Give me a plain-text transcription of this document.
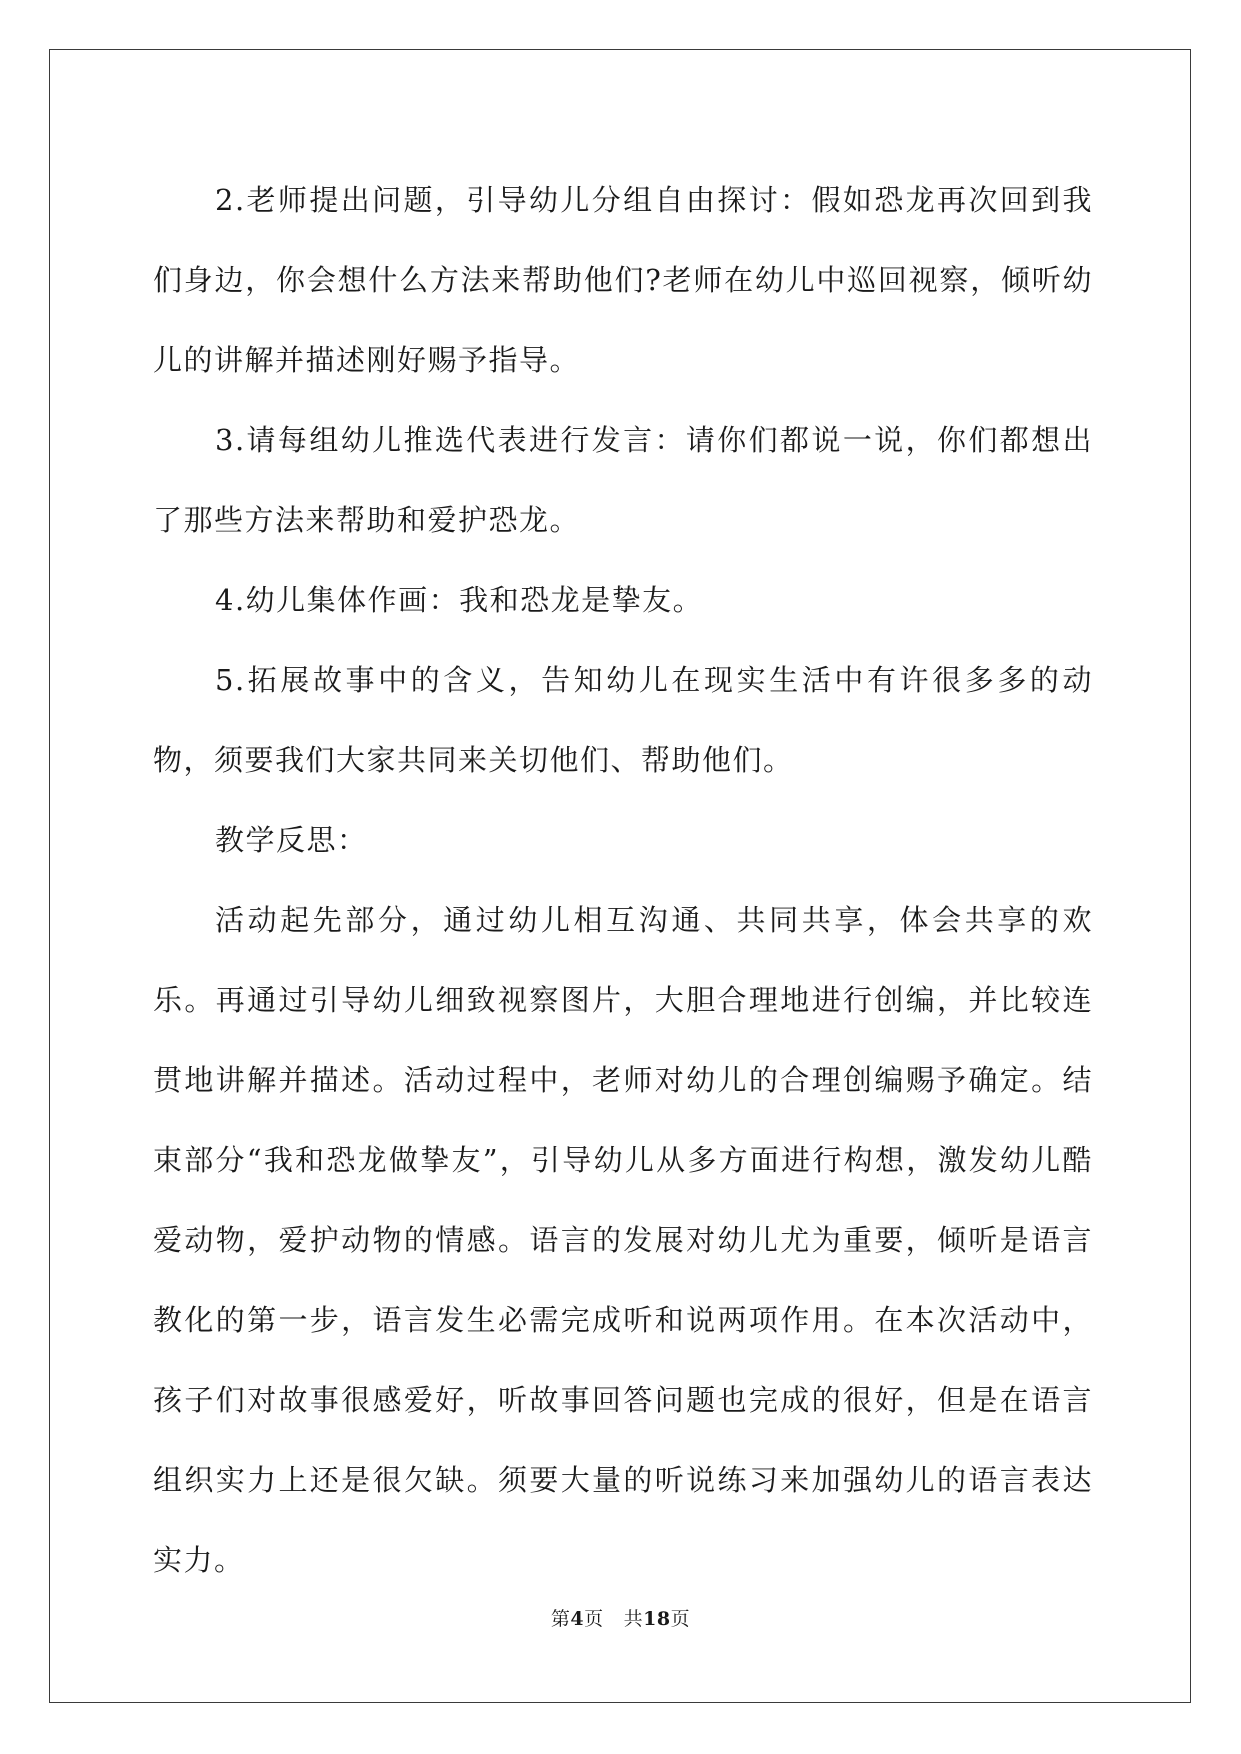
2.老师提出问题，引导幼儿分组自由探讨：假如恐龙再次回到我们身边，你会想什么方法来帮助他们?老师在幼儿中巡回视察，倾听幼儿的讲解并描述刚好赐予指导。

3.请每组幼儿推选代表进行发言：请你们都说一说，你们都想出了那些方法来帮助和爱护恐龙。

4.幼儿集体作画：我和恐龙是挚友。

5.拓展故事中的含义，告知幼儿在现实生活中有许很多多的动物，须要我们大家共同来关切他们、帮助他们。

教学反思：

活动起先部分，通过幼儿相互沟通、共同共享，体会共享的欢乐。再通过引导幼儿细致视察图片，大胆合理地进行创编，并比较连贯地讲解并描述。活动过程中，老师对幼儿的合理创编赐予确定。结束部分“我和恐龙做挚友”，引导幼儿从多方面进行构想，激发幼儿酷爱动物，爱护动物的情感。语言的发展对幼儿尤为重要，倾听是语言教化的第一步，语言发生必需完成听和说两项作用。在本次活动中，孩子们对故事很感爱好，听故事回答问题也完成的很好，但是在语言组织实力上还是很欠缺。须要大量的听说练习来加强幼儿的语言表达实力。

第4页 共18页
